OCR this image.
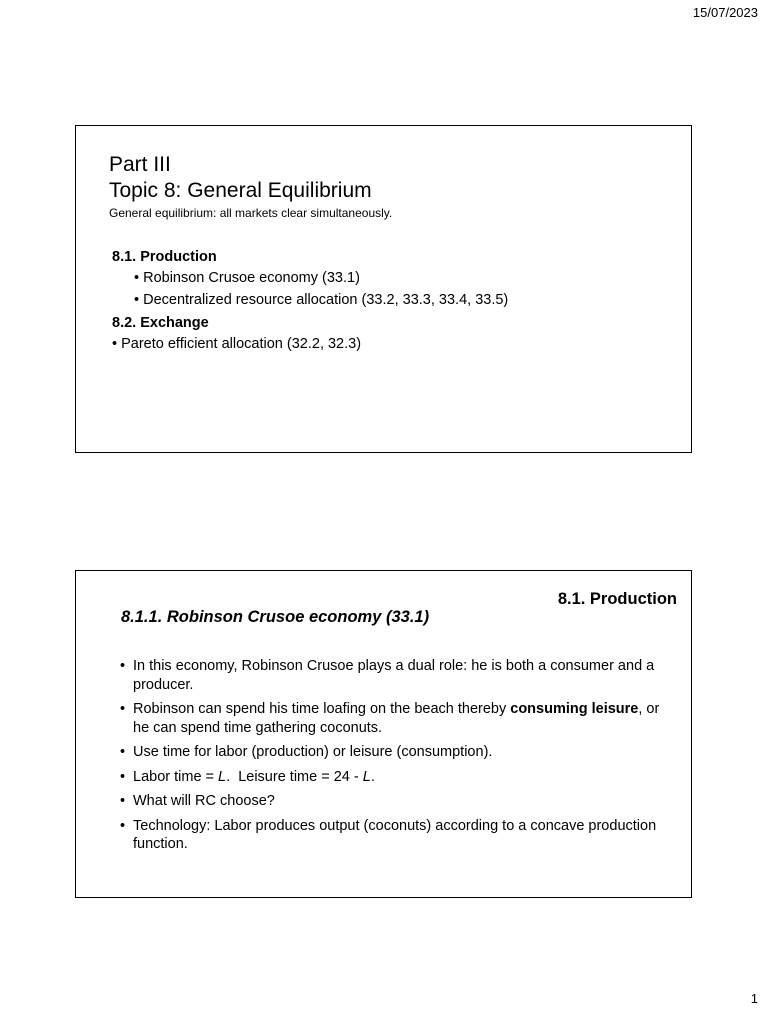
15/07/2023
Part III
Topic 8: General Equilibrium
General equilibrium: all markets clear simultaneously.
8.1. Production
• Robinson Crusoe economy (33.1)
• Decentralized resource allocation (33.2, 33.3, 33.4, 33.5)
8.2. Exchange
• Pareto efficient allocation (32.2, 32.3)
8.1. Production
8.1.1. Robinson Crusoe economy (33.1)
• In this economy, Robinson Crusoe plays a dual role: he is both a consumer and a producer.
• Robinson can spend his time loafing on the beach thereby consuming leisure, or he can spend time gathering coconuts.
• Use time for labor (production) or leisure (consumption).
• Labor time = L.  Leisure time = 24 - L.
• What will RC choose?
• Technology: Labor produces output (coconuts) according to a concave production function.
1
